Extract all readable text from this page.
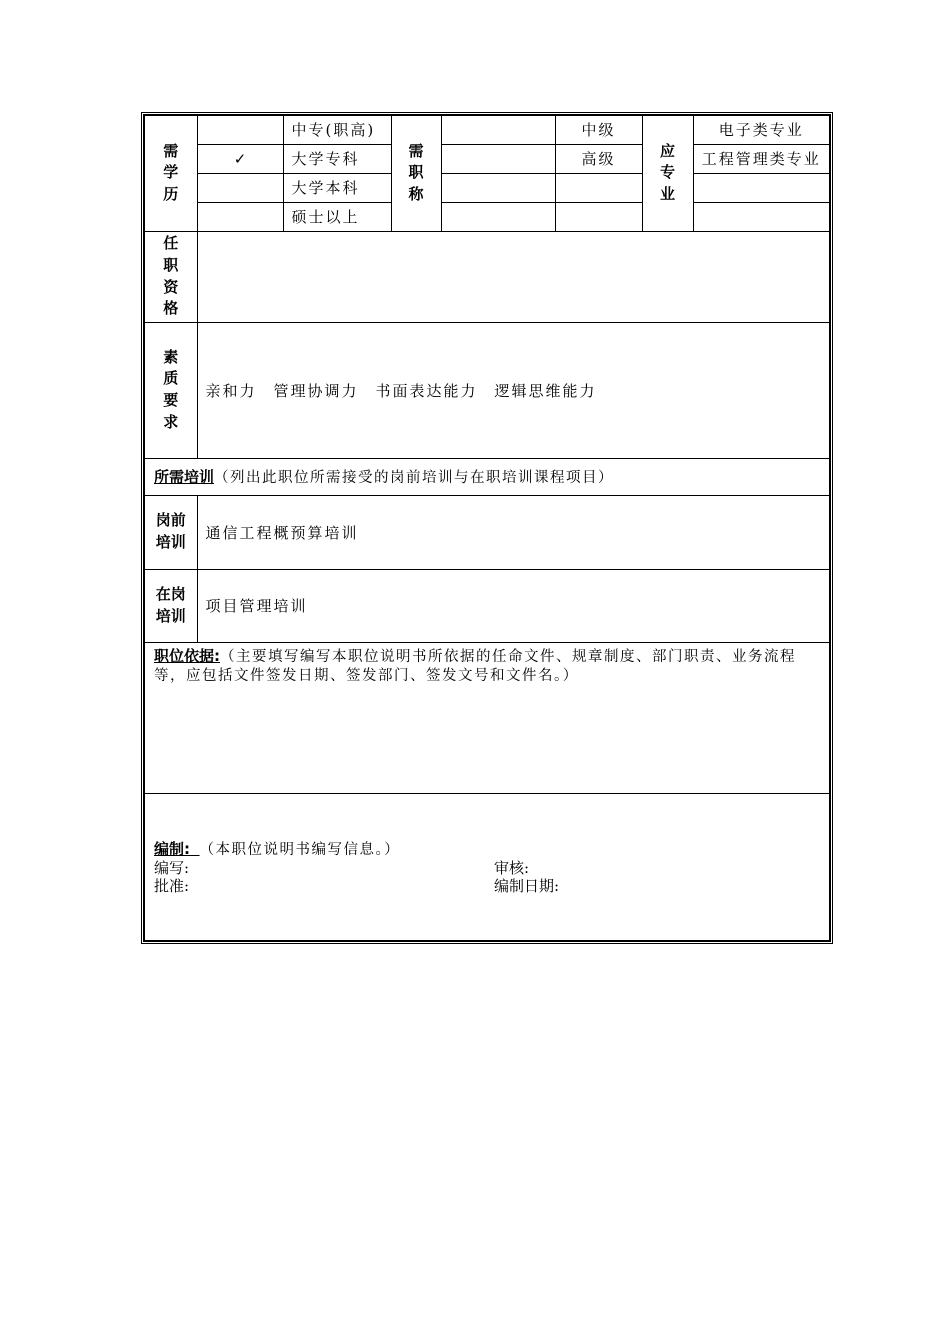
需学历		中专(职高)	需职称		中级	应专业	电子类专业
	✓	大学专科			高级		工程管理类专业
		大学本科					
		硕士以上					
任职资格							
素质要求	亲和力　管理协调力　书面表达能力　逻辑思维能力						
所需培训（列出此职位所需接受的岗前培训与在职培训课程项目）							
岗前培训	通信工程概预算培训						
在岗培训	项目管理培训						
职位依据:（主要填写编写本职位说明书所依据的任命文件、规章制度、部门职责、业务流程等，应包括文件签发日期、签发部门、签发文号和文件名。）							

编制: （本职位说明书编写信息。）
编写: 审核:
批准: 编制日期:							
